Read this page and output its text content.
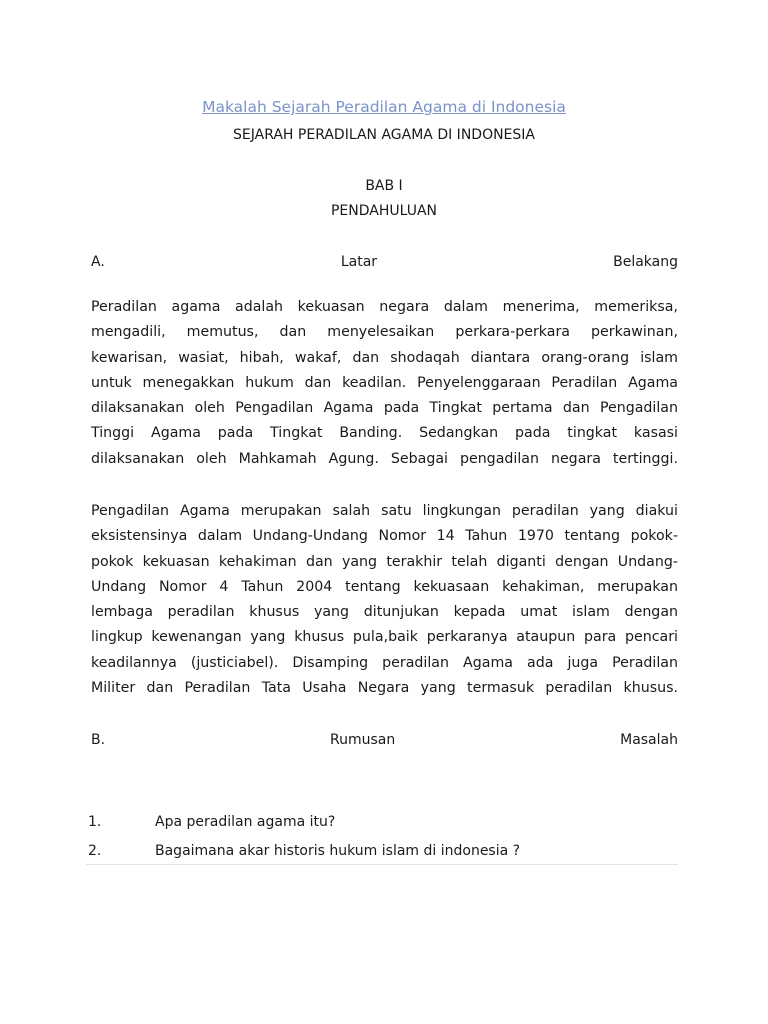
Makalah Sejarah Peradilan Agama di Indonesia
SEJARAH PERADILAN AGAMA DI INDONESIA
BAB I
PENDAHULUAN
A.	Latar	Belakang
Peradilan agama adalah kekuasan negara dalam menerima, memeriksa,
mengadili, memutus, dan menyelesaikan perkara-perkara perkawinan,
kewarisan, wasiat, hibah, wakaf, dan shodaqah diantara orang-orang islam
untuk menegakkan hukum dan keadilan. Penyelenggaraan Peradilan Agama
dilaksanakan oleh Pengadilan Agama pada Tingkat pertama dan Pengadilan
Tinggi Agama pada Tingkat Banding. Sedangkan pada tingkat kasasi
dilaksanakan oleh Mahkamah Agung. Sebagai pengadilan negara tertinggi.
Pengadilan Agama merupakan salah satu lingkungan peradilan yang diakui
eksistensinya dalam Undang-Undang Nomor 14 Tahun 1970 tentang pokok-
pokok kekuasan kehakiman dan yang terakhir telah diganti dengan Undang-
Undang Nomor 4 Tahun 2004 tentang kekuasaan kehakiman, merupakan
lembaga peradilan khusus yang ditunjukan kepada umat islam dengan
lingkup kewenangan yang khusus pula,baik perkaranya ataupun para pencari
keadilannya (justiciabel). Disamping peradilan Agama ada juga Peradilan
Militer dan Peradilan Tata Usaha Negara yang termasuk peradilan khusus.
B.	Rumusan	Masalah
1.	Apa peradilan agama itu?
2.	Bagaimana akar historis hukum islam di indonesia ?
